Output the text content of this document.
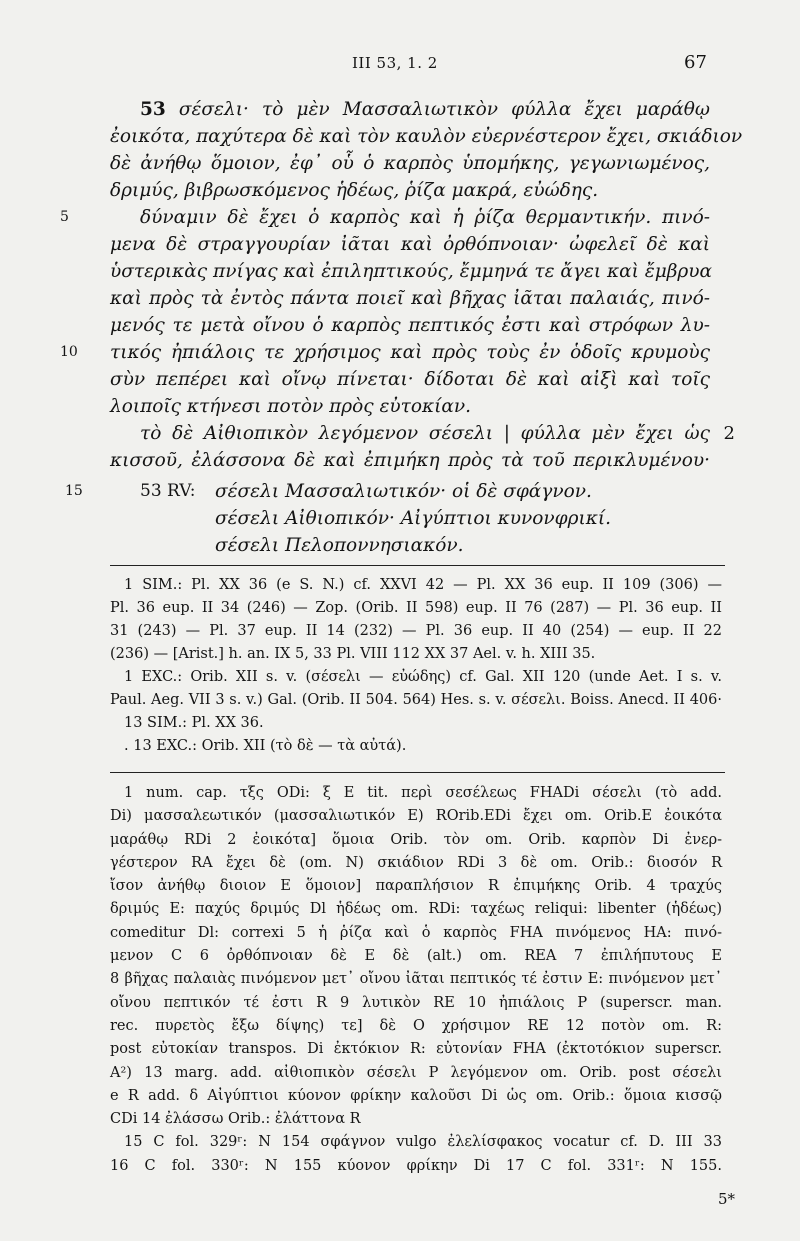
III 53, 1. 2	67
53 σέσελι· τὸ μὲν Μασσαλιωτικὸν φύλλα ἔχει μαράθῳ
ἐοικότα, παχύτερα δὲ καὶ τὸν καυλὸν εὐερνέστερον ἔχει, σκιάδιον
δὲ ἀνήθῳ ὅμοιον, ἐφ᾽ οὗ ὁ καρπὸς ὑπομήκης, γεγωνιωμένος,
δριμύς, βιβρωσκόμενος ἡδέως, ῥίζα μακρά, εὐώδης.
5	δύναμιν δὲ ἔχει ὁ καρπὸς καὶ ἡ ῥίζα θερμαντικήν. πινό-
μενα δὲ στραγγουρίαν ἰᾶται καὶ ὀρθόπνοιαν· ὠφελεῖ δὲ καὶ
ὑστερικὰς πνίγας καὶ ἐπιληπτικούς, ἔμμηνά τε ἄγει καὶ ἔμβρυα
καὶ πρὸς τὰ ἐντὸς πάντα ποιεῖ καὶ βῆχας ἰᾶται παλαιάς, πινό-
μενός τε μετὰ οἴνου ὁ καρπὸς πεπτικός ἐστι καὶ στρόφων λυ-
10	τικός ἠπιάλοις τε χρήσιμος καὶ πρὸς τοὺς ἐν ὁδοῖς κρυμοὺς
σὺν πεπέρει καὶ οἴνῳ πίνεται· δίδοται δὲ καὶ αἰξὶ καὶ τοῖς
λοιποῖς κτήνεσι ποτὸν πρὸς εὐτοκίαν.
τὸ δὲ Αἰθιοπικὸν λεγόμενον σέσελι | φύλλα μὲν ἔχει ὡς 2
κισσοῦ, ἐλάσσονα δὲ καὶ ἐπιμήκη πρὸς τὰ τοῦ περικλυμένου·
15	53 RV: σέσελι Μασσαλιωτικόν· οἱ δὲ σφάγνον.
σέσελι Αἰθιοπικόν· Αἰγύπτιοι κυνονφρικί.
σέσελι Πελοποννησιακόν.
1 SIM.: Pl. XX 36 (e S. N.) cf. XXVI 42 — Pl. XX 36 eup. II 109 (306) —
Pl. 36 eup. II 34 (246) — Zop. (Orib. II 598) eup. II 76 (287) — Pl. 36 eup. II
31 (243) — Pl. 37 eup. II 14 (232) — Pl. 36 eup. II 40 (254) — eup. II 22
(236) — [Arist.] h. an. IX 5, 33 Pl. VIII 112 XX 37 Ael. v. h. XIII 35.
1 EXC.: Orib. XII s. v. (σέσελι — εὐώδης) cf. Gal. XII 120 (unde Aet. I s. v.
Paul. Aeg. VII 3 s. v.) Gal. (Orib. II 504. 564) Hes. s. v. σέσελι. Boiss. Anecd. II 406·
13 SIM.: Pl. XX 36.
. 13 EXC.: Orib. XII (τὸ δὲ — τὰ αὐτά).
1 num. cap. τξς ODi: ξ E tit. περὶ σεσέλεως FHADi σέσελι (τὸ add.
Di) μασσαλεωτικόν (μασσαλιωτικόν E) ROrib.EDi ἔχει om. Orib.E ἐοικότα
μαράθῳ RDi 2 ἐοικότα] ὅμοια Orib. τὸν om. Orib. καρπὸν Di ἐνερ-
γέστερον RA ἔχει δὲ (om. N) σκιάδιον RDi 3 δὲ om. Orib.: διοσόν R
ἴσον ἀνήθῳ διοιον E ὅμοιον] παραπλήσιον R ἐπιμήκης Orib. 4 τραχύς
δριμύς E: παχύς δριμύς Dl ἡδέως om. RDi: ταχέως reliqui: libenter (ἡδέως)
comeditur Dl: correxi 5 ἡ ῥίζα καὶ ὁ καρπὸς FHA πινόμενος HA: πινό-
μενον C 6 ὀρθόπνοιαν δὲ E δὲ (alt.) om. REA 7 ἐπιλήπυτους E
8 βῆχας παλαιὰς πινόμενον μετ᾽ οἴνου ἰᾶται πεπτικός τέ ἐστιν E: πινόμενον μετ᾽
οἴνου πεπτικόν τέ ἐστι R 9 λυτικὸν RE 10 ἠπιάλοις P (superscr. man.
rec. πυρετὸς ἔξω δίψης) τε] δὲ O χρήσιμον RE 12 ποτὸν om. R:
post εὐτοκίαν transpos. Di ἐκτόκιον R: εὐτονίαν FHA (ἐκτοτόκιον superscr.
A²) 13 marg. add. αἰθιοπικὸν σέσελι P λεγόμενον om. Orib. post σέσελι
e R add. δ Αἰγύπτιοι κύονον φρίκην καλοῦσι Di ὡς om. Orib.: ὅμοια κισσῷ
CDi 14 ἐλάσσω Orib.: ἐλάττονα R
15 C fol. 329ʳ: N 154 σφάγνον vulgo ἐλελίσφακος vocatur cf. D. III 33
16 C fol. 330ʳ: N 155 κύονον φρίκην Di 17 C fol. 331ʳ: N 155.
5*
